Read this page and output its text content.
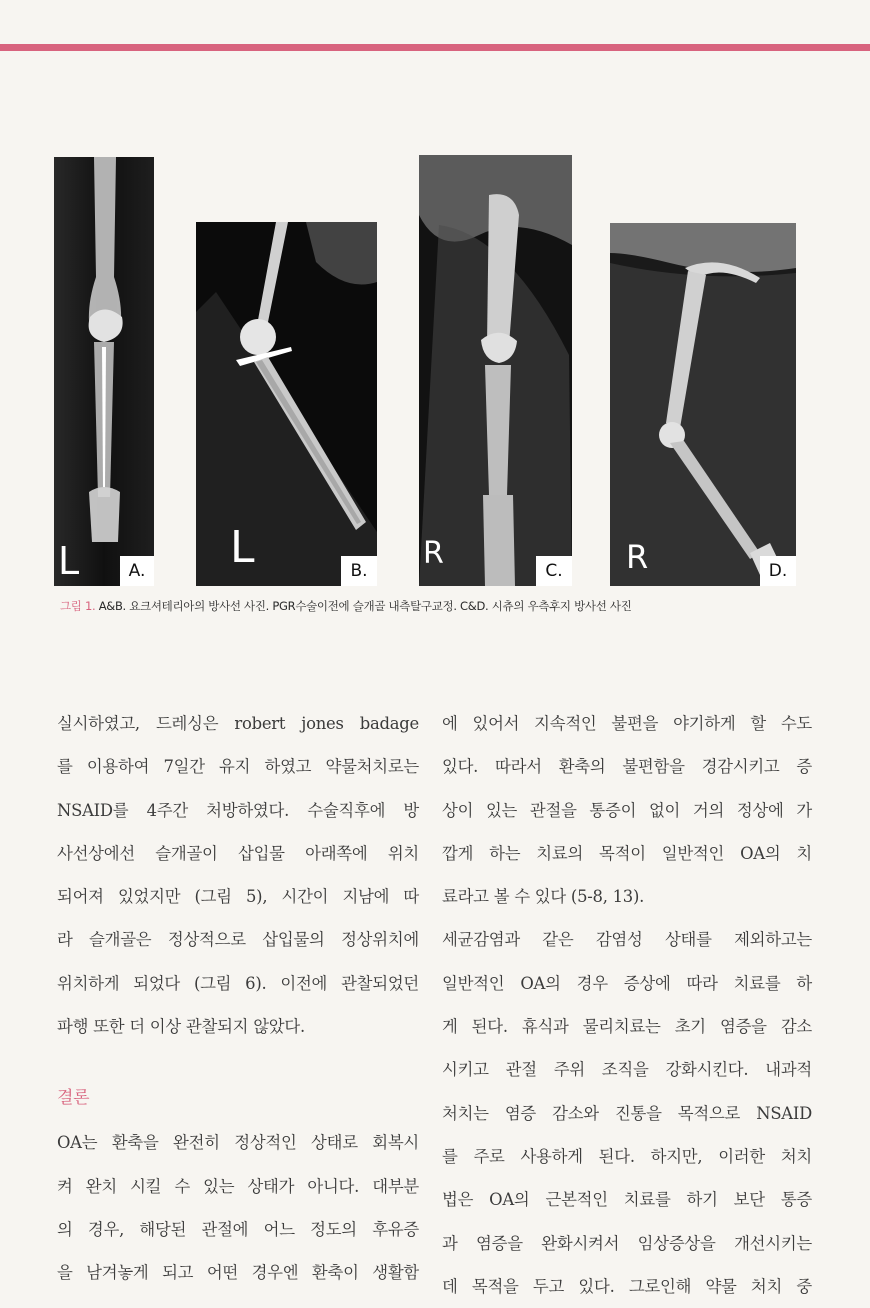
L	A. L	B.	R	C. R	D.
그림 1. A&B. 요크셔테리아의 방사선 사진. PGR수술이전에 슬개골 내측탈구교정. C&D. 시츄의 우측후지 방사선 사진
실시하였고, 드레싱은 robert jones badage
를 이용하여 7일간 유지 하였고 약물처치로는
NSAID를 4주간 처방하였다. 수술직후에 방
사선상에선 슬개골이 삽입물 아래쪽에 위치
되어져 있었지만 (그림 5), 시간이 지남에 따
라 슬개골은 정상적으로 삽입물의 정상위치에
위치하게 되었다 (그림 6). 이전에 관찰되었던
파행 또한 더 이상 관찰되지 않았다.
결론
OA는 환축을 완전히 정상적인 상태로 회복시
켜 완치 시킬 수 있는 상태가 아니다. 대부분
의 경우, 해당된 관절에 어느 정도의 후유증
을 남겨놓게 되고 어떤 경우엔 환축이 생활함
에 있어서 지속적인 불편을 야기하게 할 수도
있다. 따라서 환축의 불편함을 경감시키고 증
상이 있는 관절을 통증이 없이 거의 정상에 가
깝게 하는 치료의 목적이 일반적인 OA의 치
료라고 볼 수 있다 (5-8, 13).
세균감염과 같은 감염성 상태를 제외하고는
일반적인 OA의 경우 증상에 따라 치료를 하
게 된다. 휴식과 물리치료는 초기 염증을 감소
시키고 관절 주위 조직을 강화시킨다. 내과적
처치는 염증 감소와 진통을 목적으로 NSAID
를 주로 사용하게 된다. 하지만, 이러한 처치
법은 OA의 근본적인 치료를 하기 보단 통증
과 염증을 완화시켜서 임상증상을 개선시키는
데 목적을 두고 있다. 그로인해 약물 처치 중
